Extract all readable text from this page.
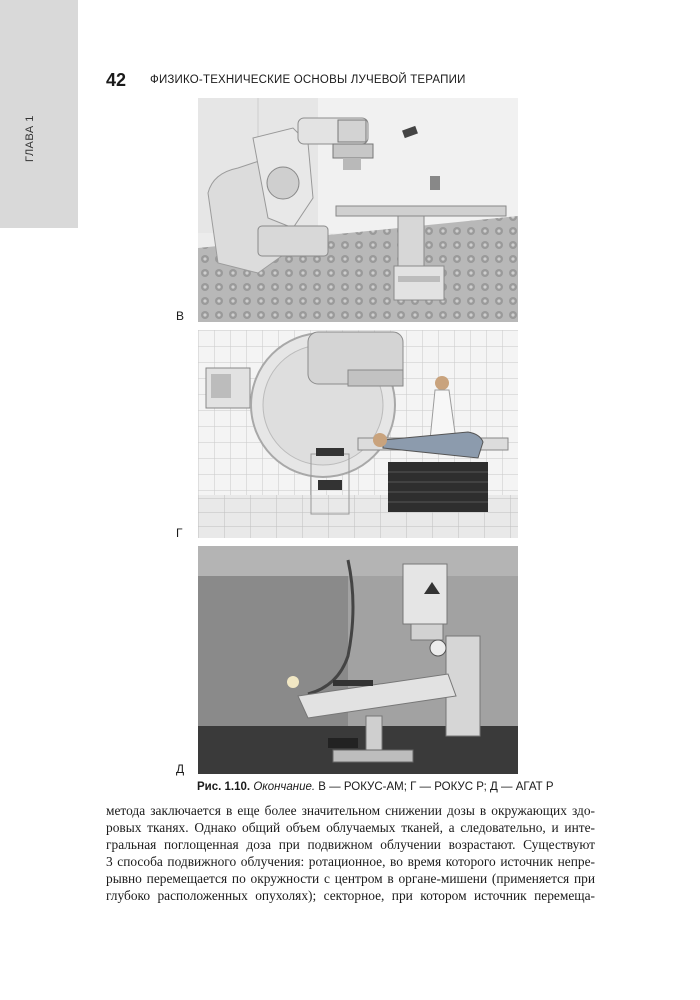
ГЛАВА 1
42 ФИЗИКО-ТЕХНИЧЕСКИЕ ОСНОВЫ ЛУЧЕВОЙ ТЕРАПИИ
В
Г
Д
Рис. 1.10. Окончание. В — РОКУС-АМ; Г — РОКУС Р; Д — АГАТ Р
метода заключается в еще более значительном снижении дозы в окружающих здо-
ровых тканях. Однако общий объем облучаемых тканей, а следовательно, и инте-
гральная поглощенная доза при подвижном облучении возрастают. Существуют
3 способа подвижного облучения: ротационное, во время которого источник непре-
рывно перемещается по окружности с центром в органе-мишени (применяется при
глубоко расположенных опухолях); секторное, при котором источник перемеща-
